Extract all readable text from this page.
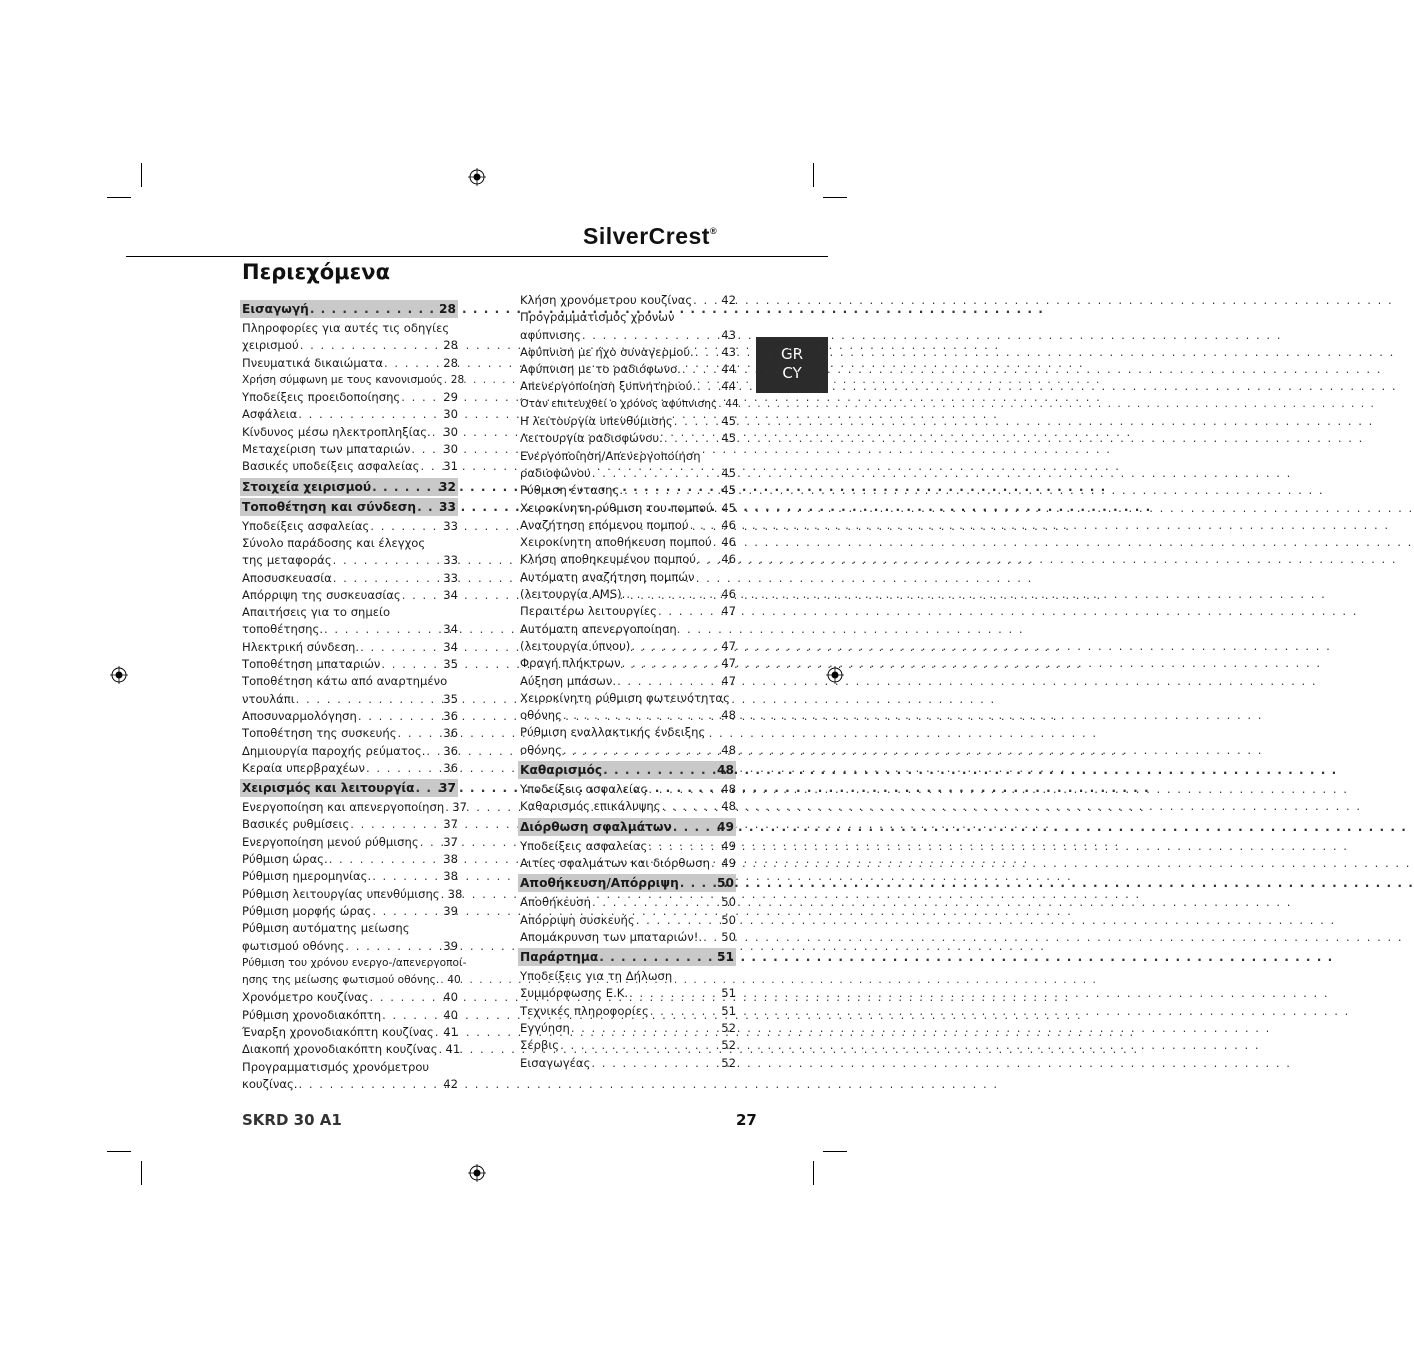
SilverCrest®
Περιεχόμενα
GR
CY
Εισαγωγή . . .	28
Πληροφορίες για αυτές τις οδηγίες
χειρισμού . . .	28
Πνευματικά δικαιώματα . . .	28
Χρήση σύμφωνη με τους κανονισμούς . . . 28
Υποδείξεις προειδοποίησης . . .	29
Ασφάλεια . . .	30
Κίνδυνος μέσω ηλεκτροπληξίας. . . . 30
Μεταχείριση των μπαταριών . . .	30
Βασικές υποδείξεις ασφαλείας . . . 31
Στοιχεία χειρισμού . . .	32
Τοποθέτηση και σύνδεση . . . 33
Υποδείξεις ασφαλείας . . .	33
Σύνολο παράδοσης και έλεγχος
της μεταφοράς . . .	33
Αποσυσκευασία . . .	33
Απόρριψη της συσκευασίας . . .	34
Απαιτήσεις για το σημείο
τοποθέτησης. . . .	34
Ηλεκτρική σύνδεση. . . .	34
Τοποθέτηση μπαταριών . . .	35
Τοποθέτηση κάτω από αναρτημένο
ντουλάπι . . .	35
Αποσυναρμολόγηση . . .	36
Τοποθέτηση της συσκευής . . .	36
Δημιουργία παροχής ρεύματος. . . . 36
Κεραία υπερβραχέων . . .	36
Χειρισμός και λειτουργία . . . 37
Ενεργοποίηση και απενεργοποίηση . . . 37
Βασικές ρυθμίσεις . . .	37
Ενεργοποίηση μενού ρύθμισης . . . 37
Ρύθμιση ώρας. . . .	38
Ρύθμιση ημερομηνίας. . . .	38
Ρύθμιση λειτουργίας υπενθύμισης . . . 38
Ρύθμιση μορφής ώρας . . .	39
Ρύθμιση αυτόματης μείωσης
φωτισμού οθόνης . . .	39
Ρύθμιση του χρόνου ενεργο-/απενεργοποί-
ησης της μείωσης φωτισμού οθόνης. . . . 40
Χρονόμετρο κουζίνας . . .	40
Ρύθμιση χρονοδιακόπτη . . .	40
Έναρξη χρονοδιακόπτη κουζίνας . . . 41
Διακοπή χρονοδιακόπτη κουζίνας . . . 41
Προγραμματισμός χρονόμετρου
κουζίνας. . . .	42
Κλήση χρονόμετρου κουζίνας . . .	42
Προγραμματισμός χρόνων
αφύπνισης . . .	43
Αφύπνιση με ήχο συναγερμού. . . . 43
Αφύπνιση με το ραδιόφωνο. . . .	44
Απενεργοποίηση ξυπνητηριού. . . . 44
Όταν επιτευχθεί ο χρόνος αφύπνισης . . . 44
Η λειτουργία υπενθύμισης . . .	45
Λειτουργία ραδιοφώνου. . . .	45
Ενεργοποίηση/Απενεργοποίηση
ραδιοφώνου . . .	45
Ρύθμιση έντασης. . . .	45
Χειροκίνητη ρύθμιση του πομπού . . . 45
Αναζήτηση επόμενου πομπού . . .	46
Χειροκίνητη αποθήκευση πομπού . . . 46
Κλήση αποθηκευμένου πομπού . . . 46
Αυτόματη αναζήτηση πομπών
(λειτουργία AMS). . . .	46
Περαιτέρω λειτουργίες . . .	47
Αυτόματη απενεργοποίηση
(λειτουργία ύπνου) . . .	47
Φραγή πλήκτρων . . .	47
Αύξηση μπάσων. . . .	47
Χειροκίνητη ρύθμιση φωτεινότητας
οθόνης . . .	48
Ρύθμιση εναλλακτικής ένδειξης
οθόνης . . .	48
Καθαρισμός . . .	48
Υποδείξεις ασφαλείας . . .	48
Καθαρισμός επικάλυψης . . .	48
Διόρθωση σφαλμάτων . . .	49
Υποδείξεις ασφαλείας . . .	49
Αιτίες σφαλμάτων και διόρθωση . . . 49
Αποθήκευση/Απόρριψη . . .	50
Αποθήκευση . . .	50
Απόρριψη συσκευής . . .	50
Απομάκρυνση των μπαταριών!. . . . 50
Παράρτημα . . .	51
Υποδείξεις για τη Δήλωση
Συμμόρφωσης Ε.Κ. . . .	51
Τεχνικές πληροφορίες . . .	51
Εγγύηση . . .	52
Σέρβις . . .	52
Εισαγωγέας . . .	52
SKRD 30 A1	27
